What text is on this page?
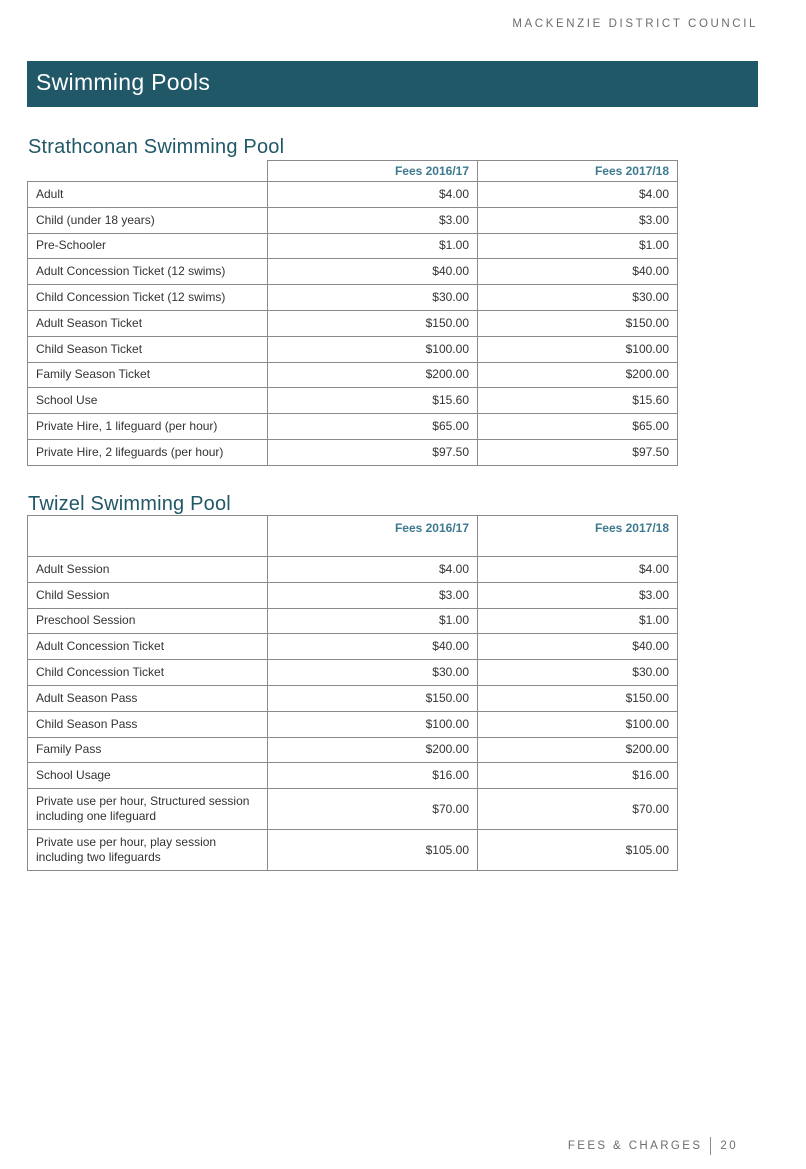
MACKENZIE DISTRICT COUNCIL
Swimming Pools
Strathconan Swimming Pool
	Fees 2016/17	Fees 2017/18
Adult	$4.00	$4.00
Child (under 18 years)	$3.00	$3.00
Pre-Schooler	$1.00	$1.00
Adult Concession Ticket (12 swims)	$40.00	$40.00
Child Concession Ticket (12 swims)	$30.00	$30.00
Adult Season Ticket	$150.00	$150.00
Child Season Ticket	$100.00	$100.00
Family Season Ticket	$200.00	$200.00
School Use	$15.60	$15.60
Private Hire, 1 lifeguard (per hour)	$65.00	$65.00
Private Hire, 2 lifeguards (per hour)	$97.50	$97.50
Twizel Swimming Pool
	Fees 2016/17	Fees 2017/18
Adult Session	$4.00	$4.00
Child Session	$3.00	$3.00
Preschool Session	$1.00	$1.00
Adult Concession Ticket	$40.00	$40.00
Child Concession Ticket	$30.00	$30.00
Adult Season Pass	$150.00	$150.00
Child Season Pass	$100.00	$100.00
Family Pass	$200.00	$200.00
School Usage	$16.00	$16.00
Private use per hour, Structured session including one lifeguard	$70.00	$70.00
Private use per hour, play session including two lifeguards	$105.00	$105.00
FEES & CHARGES 20
